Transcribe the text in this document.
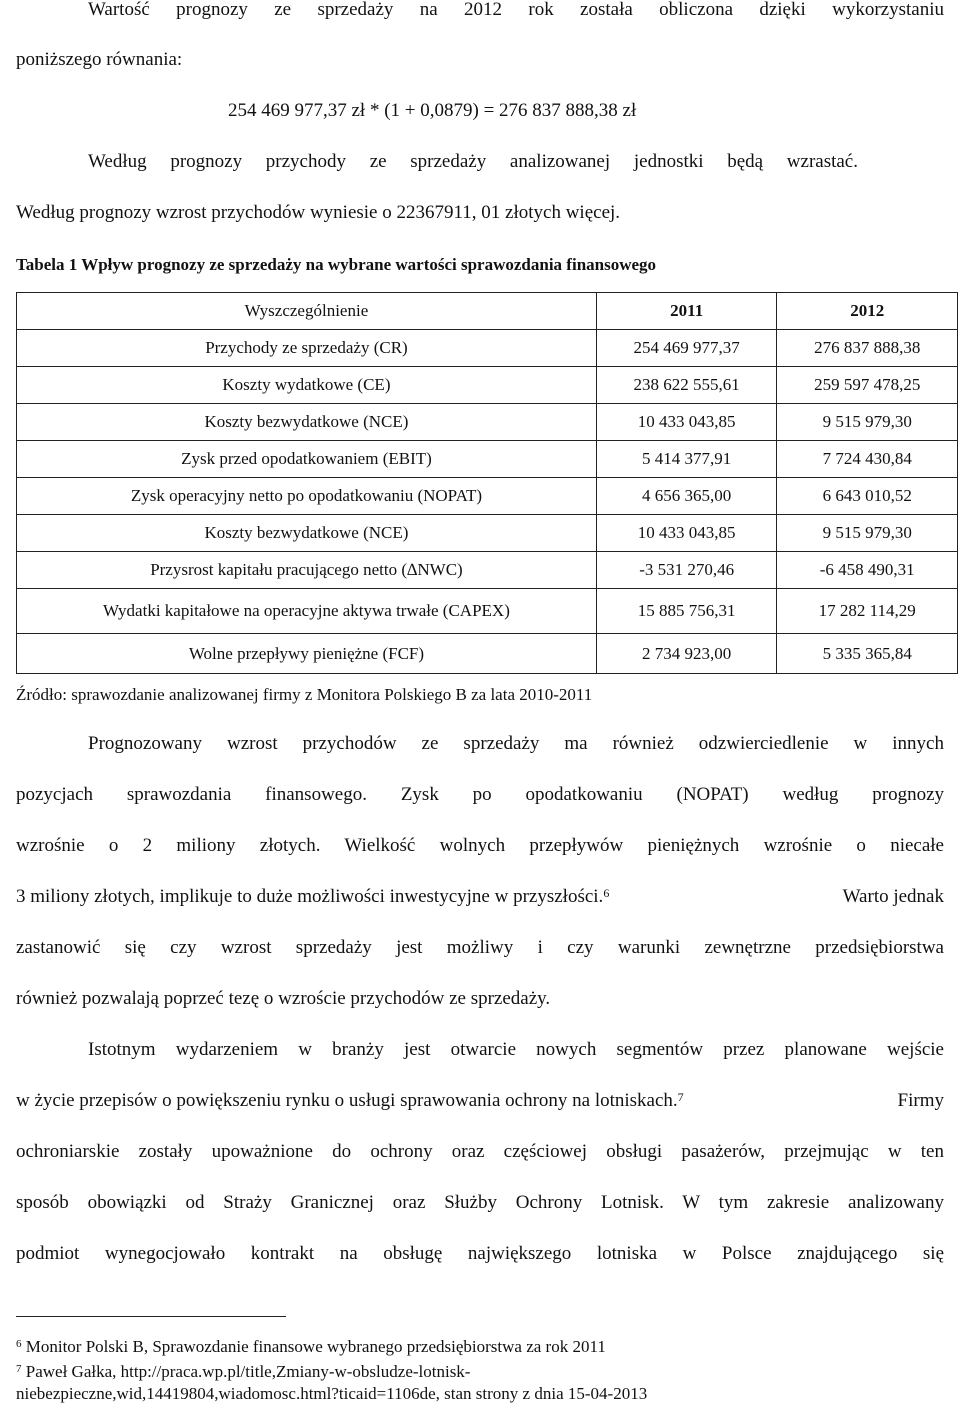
Wartość prognozy ze sprzedaży na 2012 rok została obliczona dzięki wykorzystaniu
poniższego równania:
254 469 977,37 zł * (1 + 0,0879) = 276 837 888,38 zł
Według prognozy przychody ze sprzedaży analizowanej jednostki będą wzrastać.
Według prognozy wzrost przychodów wyniesie o 22367911, 01 złotych więcej.
Tabela 1 Wpływ prognozy ze sprzedaży na wybrane wartości sprawozdania finansowego
Wyszczególnienie	2011	2012
Przychody ze sprzedaży (CR)	254 469 977,37	276 837 888,38
Koszty wydatkowe (CE)	238 622 555,61	259 597 478,25
Koszty bezwydatkowe (NCE)	10 433 043,85	9 515 979,30
Zysk przed opodatkowaniem (EBIT)	5 414 377,91	7 724 430,84
Zysk operacyjny netto po opodatkowaniu (NOPAT)	4 656 365,00	6 643 010,52
Koszty bezwydatkowe (NCE)	10 433 043,85	9 515 979,30
Przysrost kapitału pracującego netto (∆NWC)	-3 531 270,46	-6 458 490,31
Wydatki kapitałowe na operacyjne aktywa trwałe (CAPEX)	15 885 756,31	17 282 114,29
Wolne przepływy pieniężne (FCF)	2 734 923,00	5 335 365,84
Źródło: sprawozdanie analizowanej firmy z Monitora Polskiego B za lata 2010-2011
Prognozowany wzrost przychodów ze sprzedaży ma również odzwierciedlenie w innych
pozycjach sprawozdania finansowego. Zysk po opodatkowaniu (NOPAT) według prognozy
wzrośnie o 2 miliony złotych. Wielkość wolnych przepływów pieniężnych wzrośnie o niecałe
3 miliony złotych, implikuje to duże możliwości inwestycyjne w przyszłości.$^6$	Warto jednak
zastanowić się czy wzrost sprzedaży jest możliwy i czy warunki zewnętrzne przedsiębiorstwa
również pozwalają poprzeć tezę o wzroście przychodów ze sprzedaży.
Istotnym wydarzeniem w branży jest otwarcie nowych segmentów przez planowane wejście
w życie przepisów o powiększeniu rynku o usługi sprawowania ochrony na lotniskach.$^7$	Firmy
ochroniarskie zostały upoważnione do ochrony oraz częściowej obsługi pasażerów, przejmując w ten
sposób obowiązki od Straży Granicznej oraz Służby Ochrony Lotnisk. W tym zakresie analizowany
podmiot wynegocjowało kontrakt na obsługę największego lotniska w Polsce znajdującego się
$^6$ Monitor Polski B, Sprawozdanie finansowe wybranego przedsiębiorstwa za rok 2011
$^7$ Paweł Gałka, http://praca.wp.pl/title,Zmiany-w-obsludze-lotnisk-
niebezpieczne,wid,14419804,wiadomosc.html?ticaid=1106de, stan strony z dnia 15-04-2013
